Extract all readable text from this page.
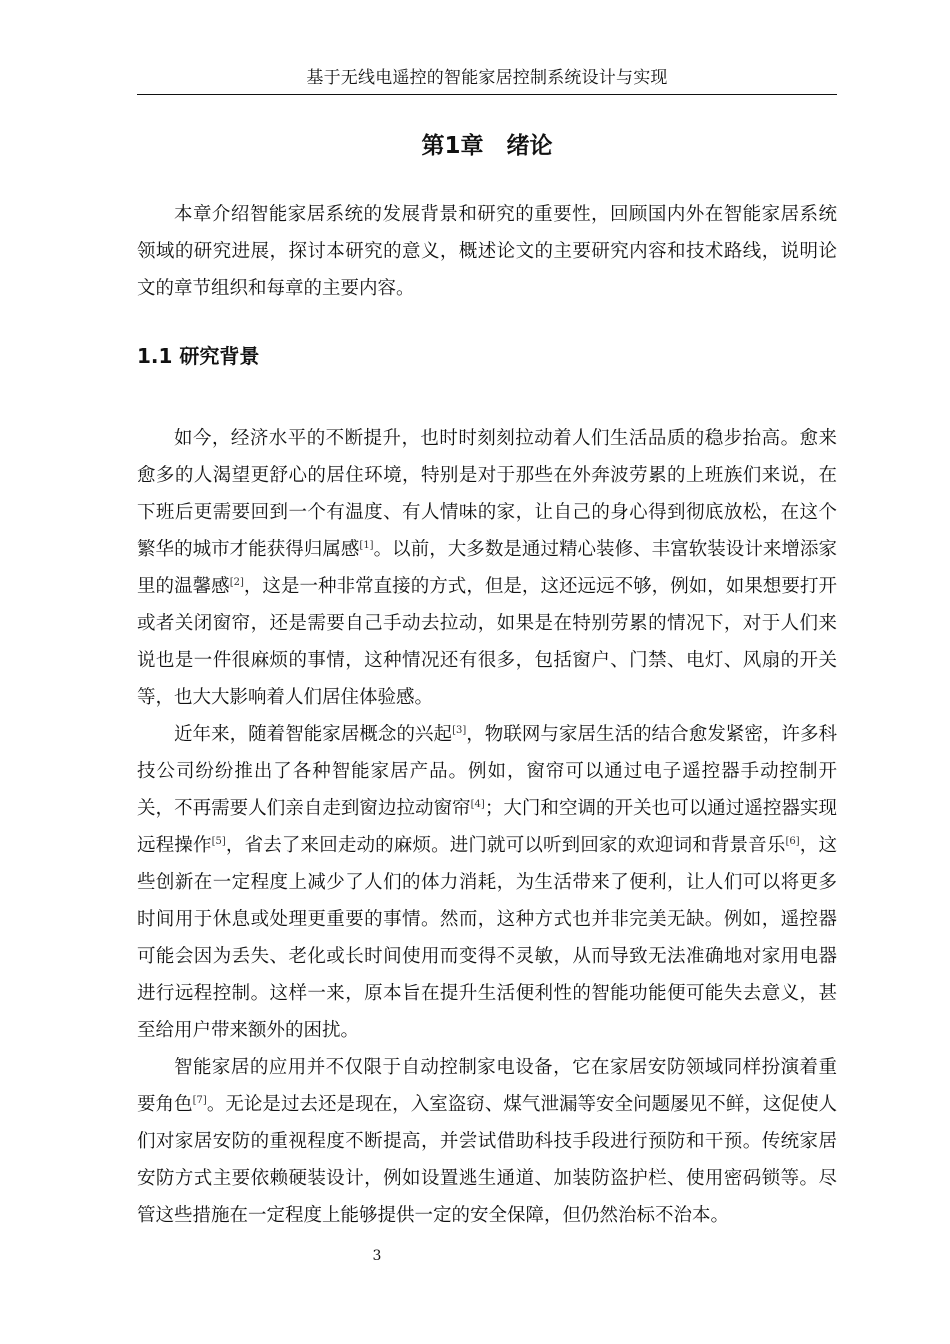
基于无线电遥控的智能家居控制系统设计与实现
第1章　绪论

本章介绍智能家居系统的发展背景和研究的重要性，回顾国内外在智能家居系统领域的研究进展，探讨本研究的意义，概述论文的主要研究内容和技术路线，说明论文的章节组织和每章的主要内容。

1.1 研究背景

如今，经济水平的不断提升，也时时刻刻拉动着人们生活品质的稳步抬高。愈来愈多的人渴望更舒心的居住环境，特别是对于那些在外奔波劳累的上班族们来说，在下班后更需要回到一个有温度、有人情味的家，让自己的身心得到彻底放松，在这个繁华的城市才能获得归属感[1]。以前，大多数是通过精心装修、丰富软装设计来增添家里的温馨感[2]，这是一种非常直接的方式，但是，这还远远不够，例如，如果想要打开或者关闭窗帘，还是需要自己手动去拉动，如果是在特别劳累的情况下，对于人们来说也是一件很麻烦的事情，这种情况还有很多，包括窗户、门禁、电灯、风扇的开关等，也大大影响着人们居住体验感。

近年来，随着智能家居概念的兴起[3]，物联网与家居生活的结合愈发紧密，许多科技公司纷纷推出了各种智能家居产品。例如，窗帘可以通过电子遥控器手动控制开关，不再需要人们亲自走到窗边拉动窗帘[4]；大门和空调的开关也可以通过遥控器实现远程操作[5]，省去了来回走动的麻烦。进门就可以听到回家的欢迎词和背景音乐[6]，这些创新在一定程度上减少了人们的体力消耗，为生活带来了便利，让人们可以将更多时间用于休息或处理更重要的事情。然而，这种方式也并非完美无缺。例如，遥控器可能会因为丢失、老化或长时间使用而变得不灵敏，从而导致无法准确地对家用电器进行远程控制。这样一来，原本旨在提升生活便利性的智能功能便可能失去意义，甚至给用户带来额外的困扰。

智能家居的应用并不仅限于自动控制家电设备，它在家居安防领域同样扮演着重要角色[7]。无论是过去还是现在，入室盗窃、煤气泄漏等安全问题屡见不鲜，这促使人们对家居安防的重视程度不断提高，并尝试借助科技手段进行预防和干预。传统家居安防方式主要依赖硬装设计，例如设置逃生通道、加装防盗护栏、使用密码锁等。尽管这些措施在一定程度上能够提供一定的安全保障，但仍然治标不治本。

3
